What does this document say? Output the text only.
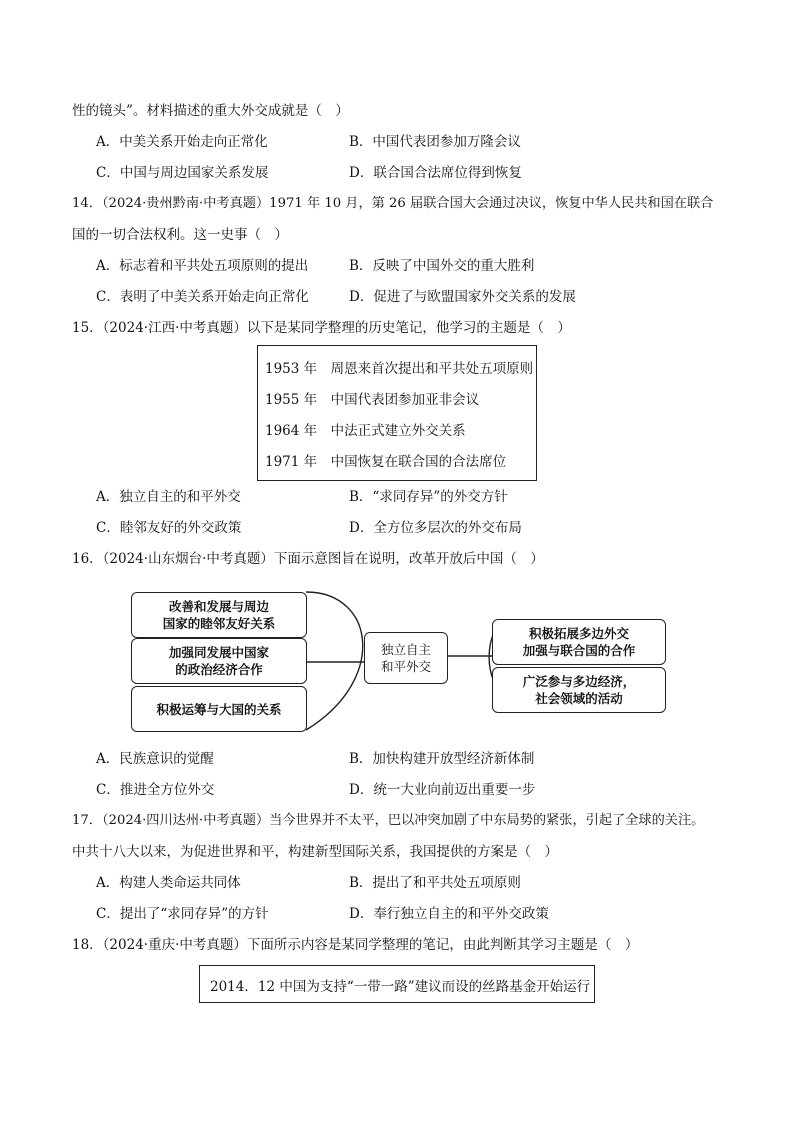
性的镜头”。材料描述的重大外交成就是（　）
A．中美关系开始走向正常化	B．中国代表团参加万隆会议
C．中国与周边国家关系发展	D．联合国合法席位得到恢复
14．（2024·贵州黔南·中考真题）1971 年 10 月，第 26 届联合国大会通过决议，恢复中华人民共和国在联合
国的一切合法权利。这一史事（　）
A．标志着和平共处五项原则的提出	B．反映了中国外交的重大胜利
C．表明了中美关系开始走向正常化	D．促进了与欧盟国家外交关系的发展
15．（2024·江西·中考真题）以下是某同学整理的历史笔记，他学习的主题是（　）
1953 年　周恩来首次提出和平共处五项原则
1955 年　中国代表团参加亚非会议
1964 年　中法正式建立外交关系
1971 年　中国恢复在联合国的合法席位
A．独立自主的和平外交	B．“求同存异”的外交方针
C．睦邻友好的外交政策	D．全方位多层次的外交布局
16．（2024·山东烟台·中考真题）下面示意图旨在说明，改革开放后中国（　）
改善和发展与周边
国家的睦邻友好关系
加强同发展中国家
的政治经济合作
积极运筹与大国的关系
独立自主
和平外交
积极拓展多边外交
加强与联合国的合作
广泛参与多边经济，
社会领域的活动
A．民族意识的觉醒	B．加快构建开放型经济新体制
C．推进全方位外交	D．统一大业向前迈出重要一步
17．（2024·四川达州·中考真题）当今世界并不太平，巴以冲突加剧了中东局势的紧张，引起了全球的关注。
中共十八大以来，为促进世界和平，构建新型国际关系，我国提供的方案是（　）
A．构建人类命运共同体	B．提出了和平共处五项原则
C．提出了“求同存异”的方针	D．奉行独立自主的和平外交政策
18．（2024·重庆·中考真题）下面所示内容是某同学整理的笔记，由此判断其学习主题是（　）
2014．12 中国为支持“一带一路”建议而设的丝路基金开始运行
